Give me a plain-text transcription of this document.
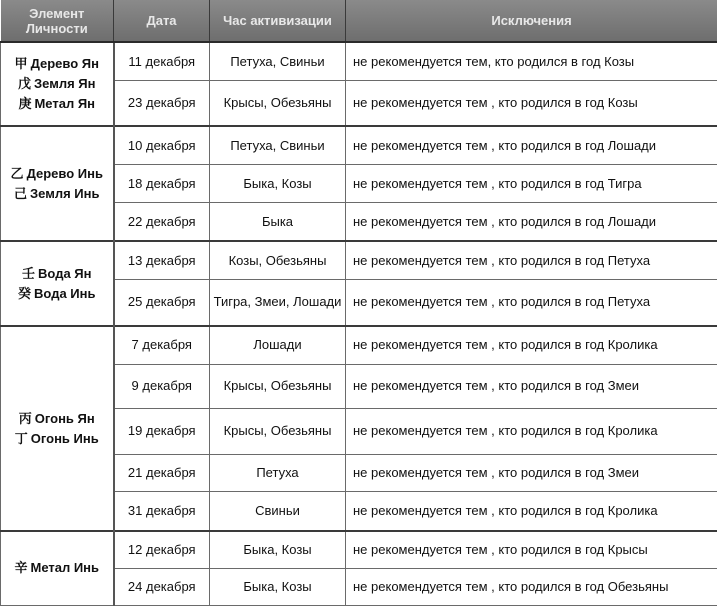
Элемент Личности	Дата	Час активизации	Исключения

甲 Дерево Ян
戊 Земля Ян
庚 Метал Ян	11 декабря	Петуха, Свиньи	не рекомендуется тем, кто родился в год Козы
	23 декабря	Крысы, Обезьяны	не рекомендуется тем , кто родился в год Козы

乙 Дерево Инь
己 Земля Инь	10 декабря	Петуха, Свиньи	не рекомендуется тем , кто родился в год Лошади
	18 декабря	Быка, Козы	не рекомендуется тем , кто родился в год Тигра
	22 декабря	Быка	не рекомендуется тем , кто родился в год Лошади

壬 Вода Ян
癸 Вода Инь	13 декабря	Козы, Обезьяны	не рекомендуется тем , кто родился в год Петуха
	25 декабря	Тигра, Змеи, Лошади	не рекомендуется тем , кто родился в год Петуха

丙 Огонь Ян
丁 Огонь Инь	7 декабря	Лошади	не рекомендуется тем , кто родился в год Кролика
	9 декабря	Крысы, Обезьяны	не рекомендуется тем , кто родился в год Змеи
	19 декабря	Крысы, Обезьяны	не рекомендуется тем , кто родился в год Кролика
	21 декабря	Петуха	не рекомендуется тем , кто родился в год Змеи
	31 декабря	Свиньи	не рекомендуется тем , кто родился в год Кролика

辛 Метал Инь	12 декабря	Быка, Козы	не рекомендуется тем , кто родился в год Крысы
	24 декабря	Быка, Козы	не рекомендуется тем , кто родился в год Обезьяны
